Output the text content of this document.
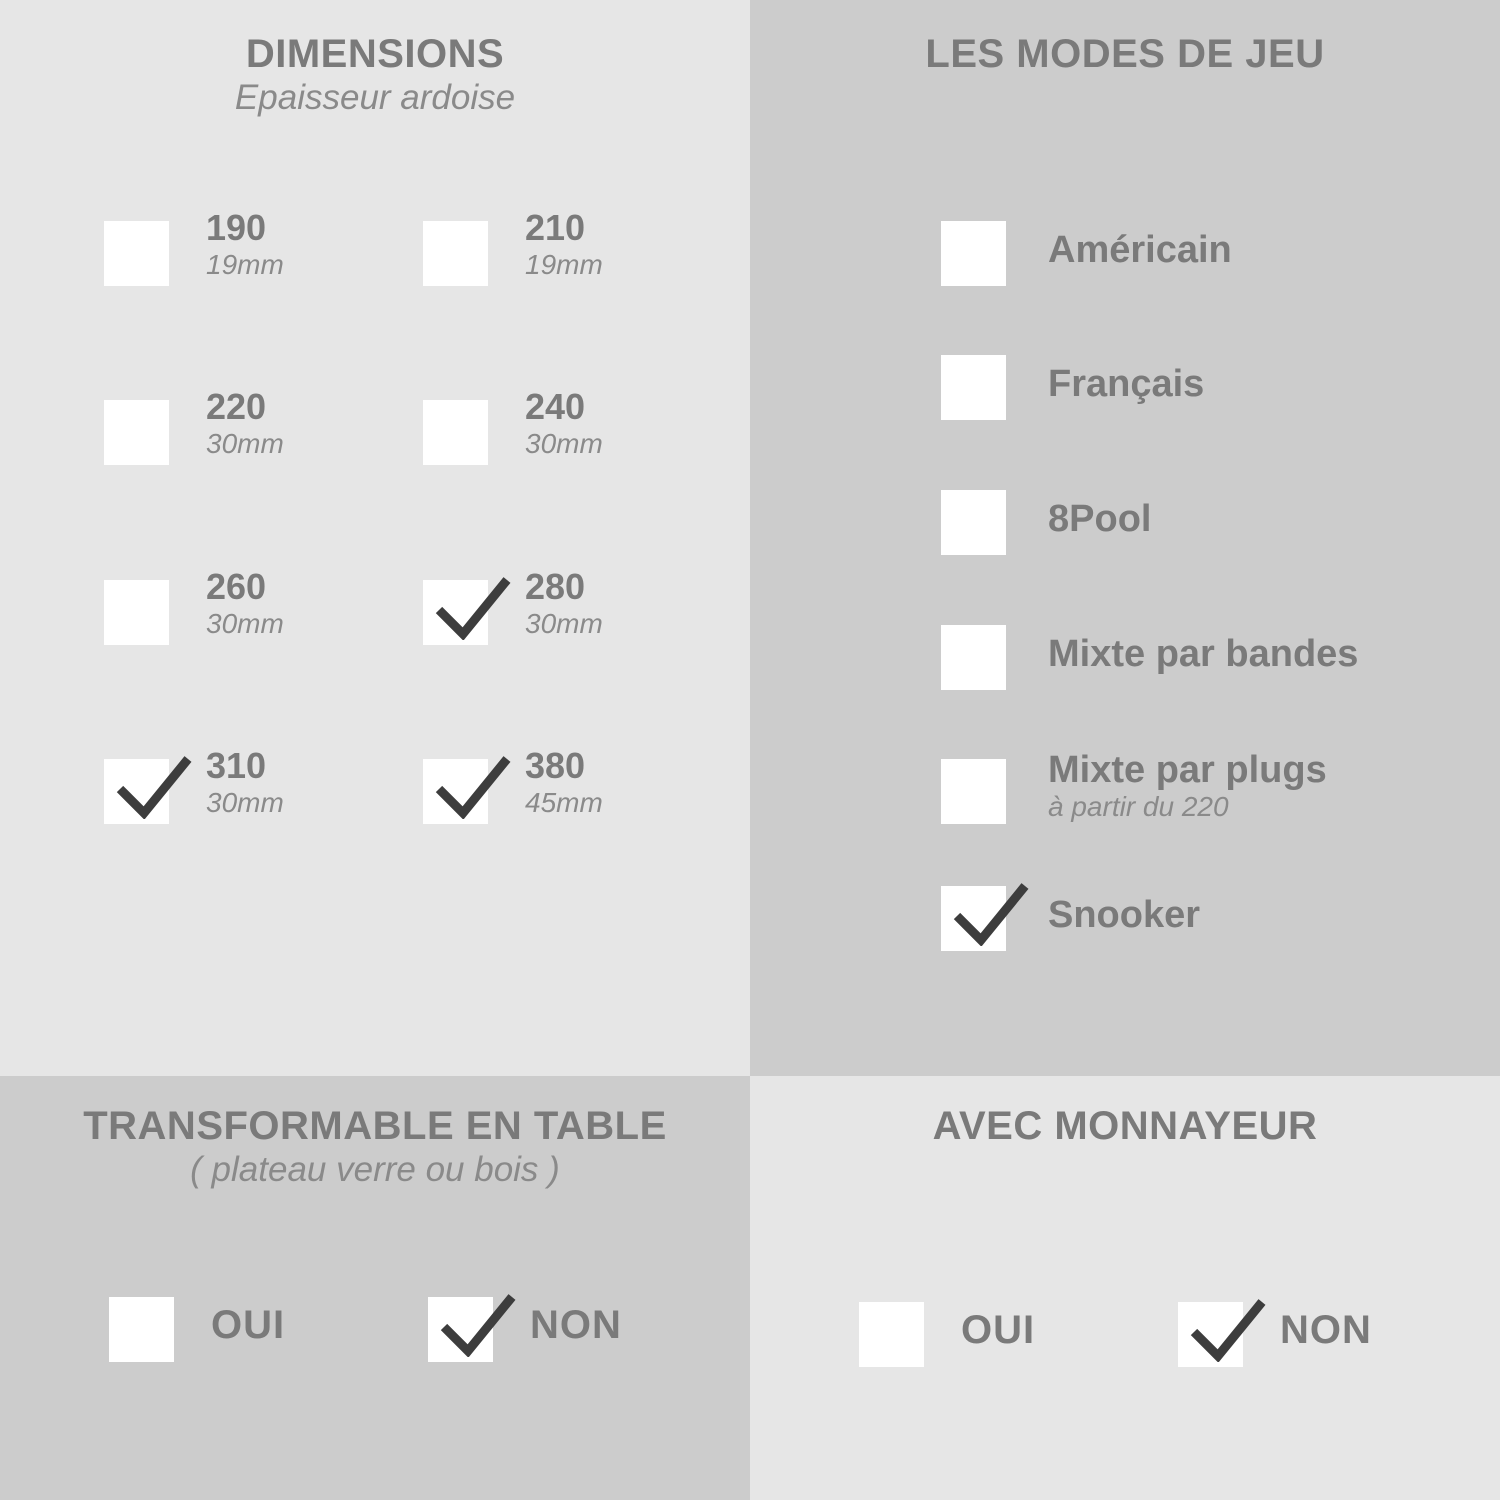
DIMENSIONS
Epaisseur ardoise
190
19mm
210
19mm
220
30mm
240
30mm
260
30mm
280
30mm
310
30mm
380
45mm
LES MODES DE JEU
Américain
Français
8Pool
Mixte par bandes
Mixte par plugs
à partir du 220
Snooker
TRANSFORMABLE EN TABLE
( plateau verre ou bois )
OUI	NON
AVEC MONNAYEUR
OUI	NON
